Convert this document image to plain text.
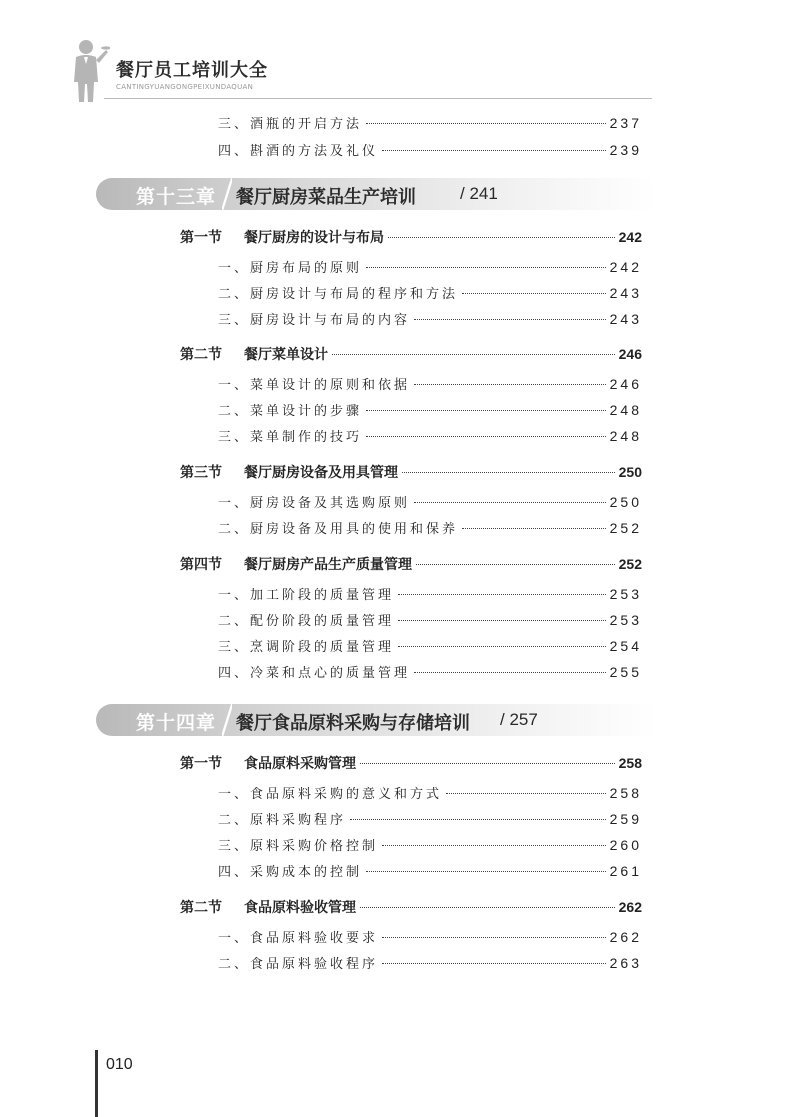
餐厅员工培训大全
CANTINGYUANGONGPEIXUNDAQUAN
三、酒瓶的开启方法	237
四、斟酒的方法及礼仪	239
第十三章 餐厅厨房菜品生产培训	/ 241
第一节	餐厅厨房的设计与布局	242
一、厨房布局的原则	242
二、厨房设计与布局的程序和方法	243
三、厨房设计与布局的内容	243
第二节	餐厅菜单设计	246
一、菜单设计的原则和依据	246
二、菜单设计的步骤	248
三、菜单制作的技巧	248
第三节	餐厅厨房设备及用具管理	250
一、厨房设备及其选购原则	250
二、厨房设备及用具的使用和保养	252
第四节	餐厅厨房产品生产质量管理	252
一、加工阶段的质量管理	253
二、配份阶段的质量管理	253
三、烹调阶段的质量管理	254
四、冷菜和点心的质量管理	255
第十四章 餐厅食品原料采购与存储培训 / 257
第一节	食品原料采购管理	258
一、食品原料采购的意义和方式	258
二、原料采购程序	259
三、原料采购价格控制	260
四、采购成本的控制	261
第二节	食品原料验收管理	262
一、食品原料验收要求	262
二、食品原料验收程序	263
010
